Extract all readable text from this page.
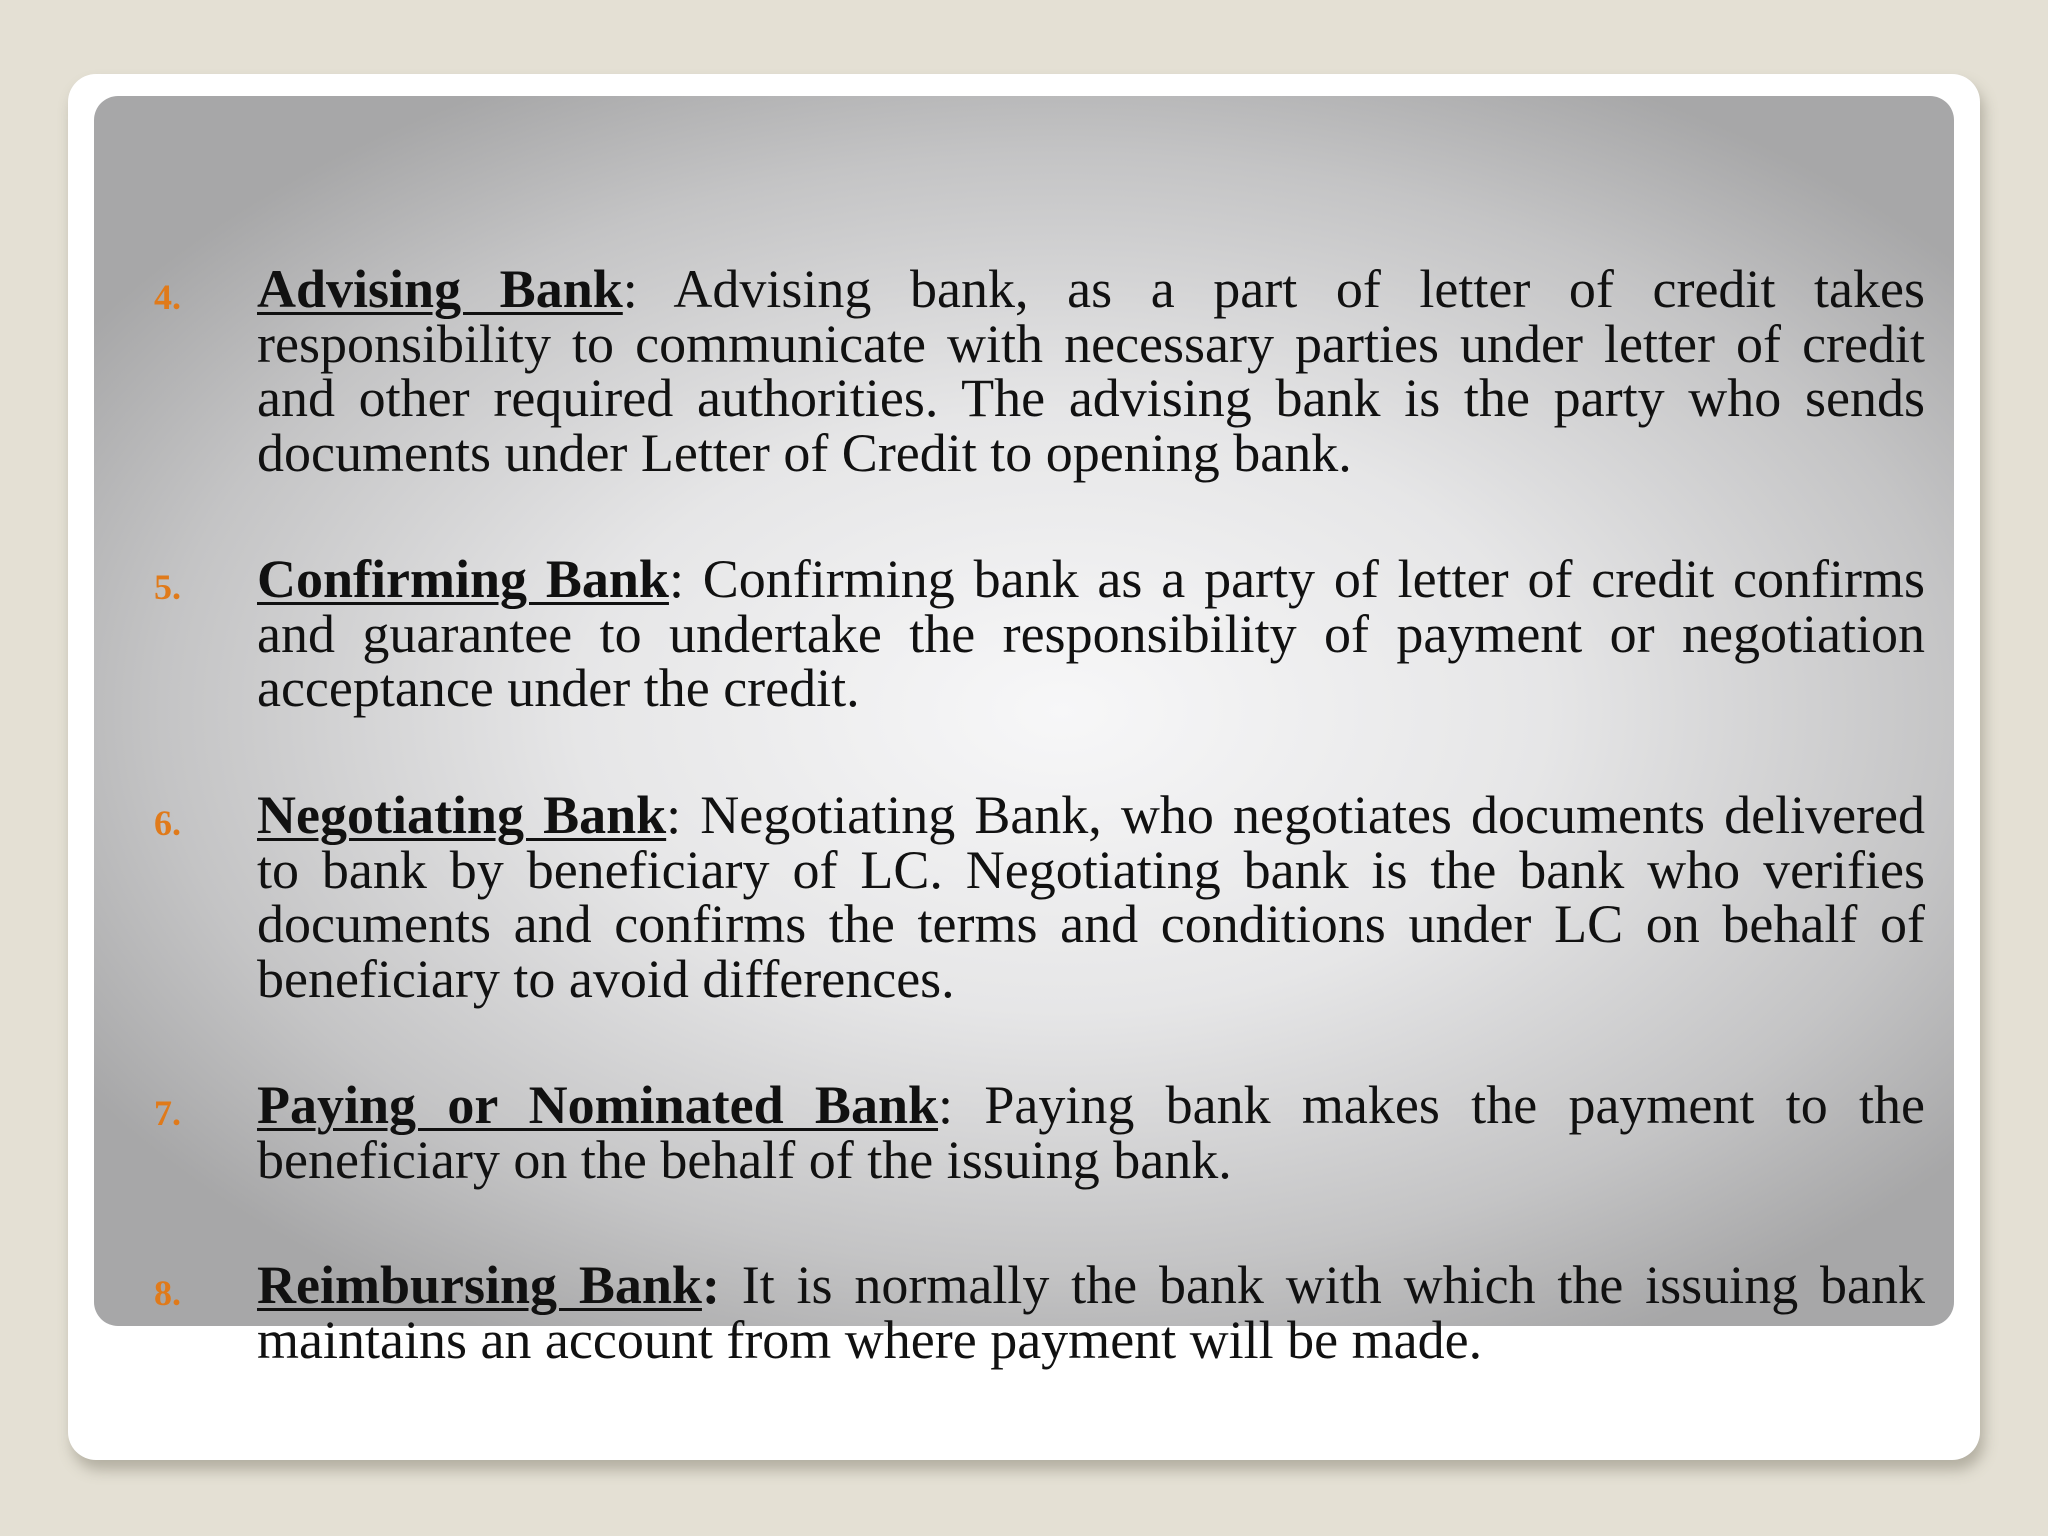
4. Advising Bank: Advising bank, as a part of letter of credit takes responsibility to communicate with necessary parties under letter of credit and other required authorities. The advising bank is the party who sends documents under Letter of Credit to opening bank.

5. Confirming Bank: Confirming bank as a party of letter of credit confirms and guarantee to undertake the responsibility of payment or negotiation acceptance under the credit.

6. Negotiating Bank: Negotiating Bank, who negotiates documents delivered to bank by beneficiary of LC. Negotiating bank is the bank who verifies documents and confirms the terms and conditions under LC on behalf of beneficiary to avoid differences.

7. Paying or Nominated Bank: Paying bank makes the payment to the beneficiary on the behalf of the issuing bank.

8. Reimbursing Bank: It is normally the bank with which the issuing bank maintains an account from where payment will be made.
